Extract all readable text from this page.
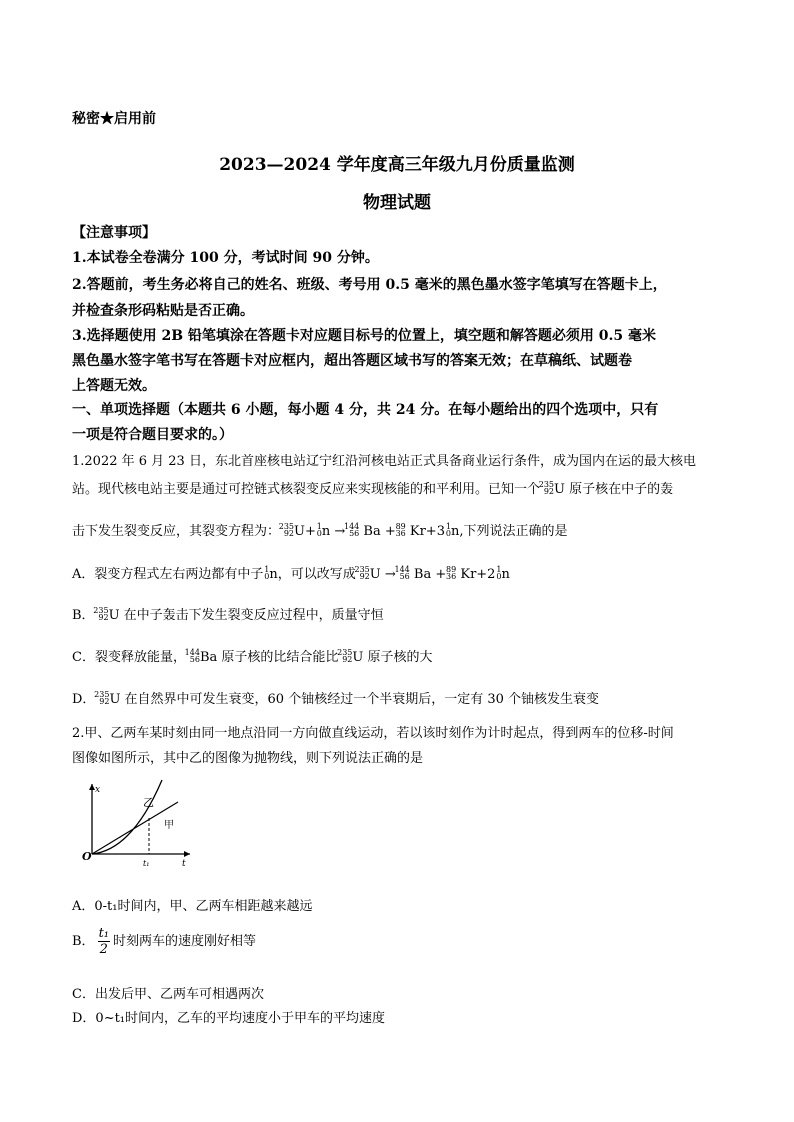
秘密★启用前
2023—2024 学年度高三年级九月份质量监测
物理试题
【注意事项】
1.本试卷全卷满分 100 分，考试时间 90 分钟。
2.答题前，考生务必将自己的姓名、班级、考号用 0.5 毫米的黑色墨水签字笔填写在答题卡上，
并检查条形码粘贴是否正确。
3.选择题使用 2B 铅笔填涂在答题卡对应题目标号的位置上，填空题和解答题必须用 0.5 毫米
黑色墨水签字笔书写在答题卡对应框内，超出答题区域书写的答案无效；在草稿纸、试题卷
上答题无效。
一、单项选择题（本题共 6 小题，每小题 4 分，共 24 分。在每小题给出的四个选项中，只有
一项是符合题目要求的。）
1.2022 年 6 月 23 日，东北首座核电站辽宁红沿河核电站正式具备商业运行条件，成为国内在运的最大核电
站。现代核电站主要是通过可控链式核裂变反应来实现核能的和平利用。已知一个
235
92 U 原子核在中子的轰
击下发生裂变反应，其裂变方程为：
235
92 U+ 1
0 n →
144
56 Ba + 89
36 Kr+3 1
0 n,下列说法正确的是
A．裂变方程式左右两边都有中子 1
0 n，可以改写成
235
92 U →
144
56 Ba + 89
36 Kr+2 1
0 n
B．
235
92 U 在中子轰击下发生裂变反应过程中，质量守恒
C．裂变释放能量，
144
56 Ba 原子核的比结合能比
235
92 U 原子核的大
D．
235
92 U 在自然界中可发生衰变，60 个铀核经过一个半衰期后，一定有 30 个铀核发生衰变
2.甲、乙两车某时刻由同一地点沿同一方向做直线运动，若以该时刻作为计时起点，得到两车的位移-时间
图像如图所示，其中乙的图像为抛物线，则下列说法正确的是
x
t
O
t₁
乙
甲
A．0-t₁时间内，甲、乙两车相距越来越远
B． $\frac{\text{t₁}}{2}$ 时刻两车的速度刚好相等
C．出发后甲、乙两车可相遇两次
D．0~t₁时间内，乙车的平均速度小于甲车的平均速度
